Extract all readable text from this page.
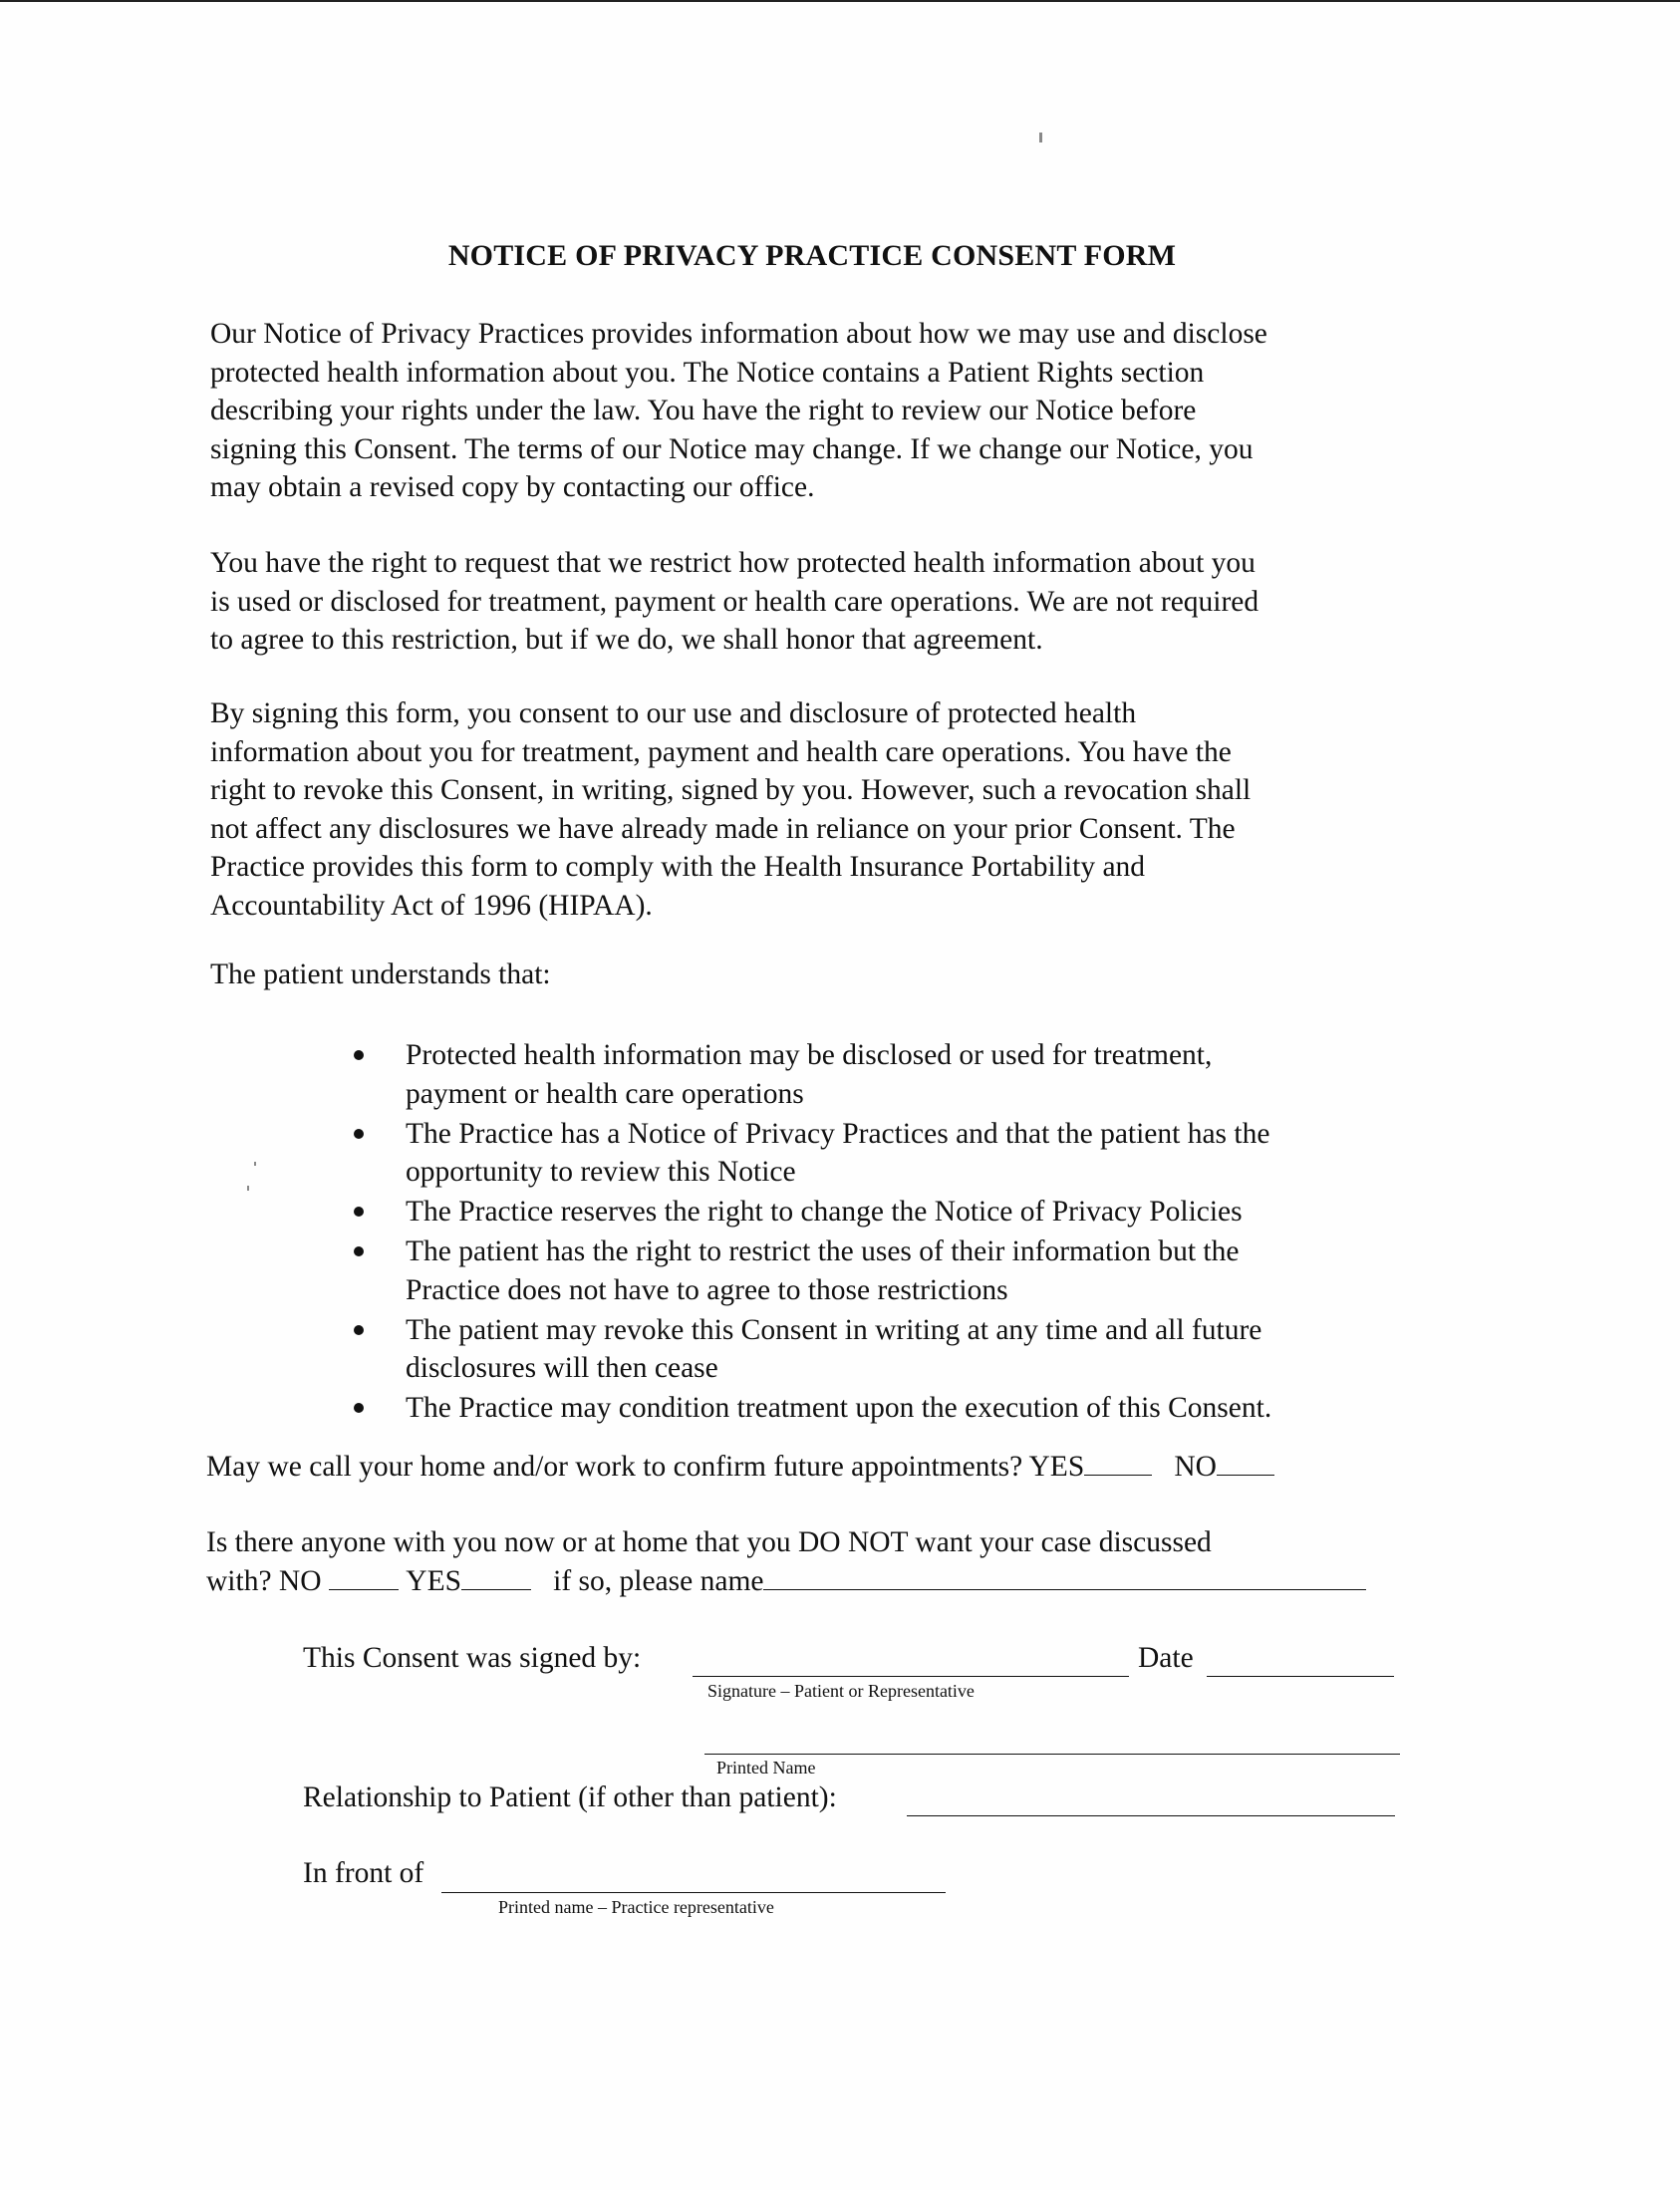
NOTICE OF PRIVACY PRACTICE CONSENT FORM
Our Notice of Privacy Practices provides information about how we may use and disclose
protected health information about you. The Notice contains a Patient Rights section
describing your rights under the law. You have the right to review our Notice before
signing this Consent. The terms of our Notice may change. If we change our Notice, you
may obtain a revised copy by contacting our office.
You have the right to request that we restrict how protected health information about you
is used or disclosed for treatment, payment or health care operations. We are not required
to agree to this restriction, but if we do, we shall honor that agreement.
By signing this form, you consent to our use and disclosure of protected health
information about you for treatment, payment and health care operations. You have the
right to revoke this Consent, in writing, signed by you. However, such a revocation shall
not affect any disclosures we have already made in reliance on your prior Consent. The
Practice provides this form to comply with the Health Insurance Portability and
Accountability Act of 1996 (HIPAA).
The patient understands that:
Protected health information may be disclosed or used for treatment,
payment or health care operations
The Practice has a Notice of Privacy Practices and that the patient has the
opportunity to review this Notice
The Practice reserves the right to change the Notice of Privacy Policies
The patient has the right to restrict the uses of their information but the
Practice does not have to agree to those restrictions
The patient may revoke this Consent in writing at any time and all future
disclosures will then cease
The Practice may condition treatment upon the execution of this Consent.
May we call your home and/or work to confirm future appointments? YES	NO
Is there anyone with you now or at home that you DO NOT want your case discussed
with? NO	YES	if so, please name
This Consent was signed by:	Date
Signature – Patient or Representative
Printed Name
Relationship to Patient (if other than patient):
In front of
Printed name – Practice representative
